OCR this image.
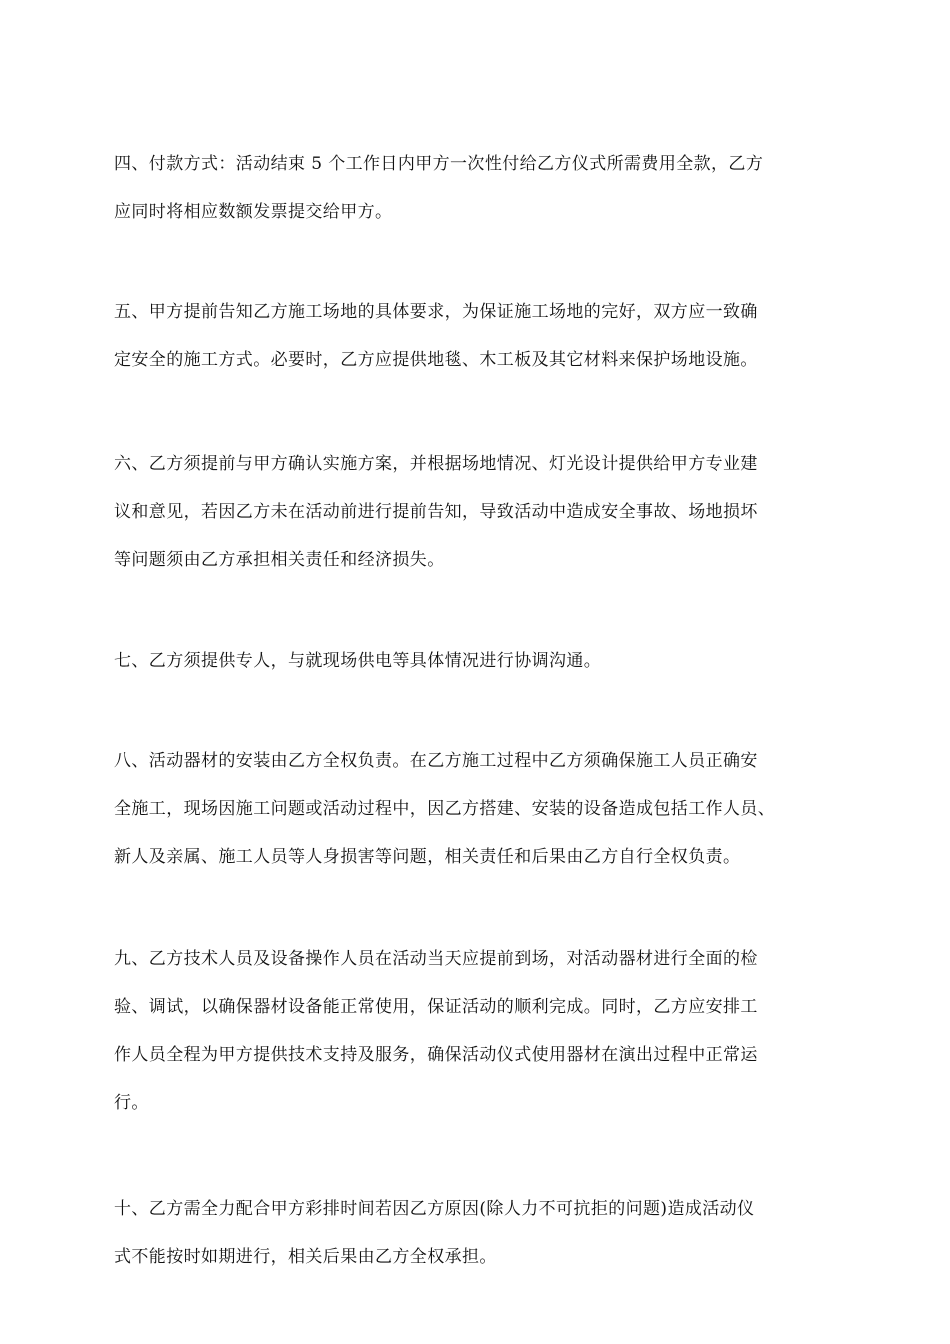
四、付款方式：活动结束 5 个工作日内甲方一次性付给乙方仪式所需费用全款，乙方
应同时将相应数额发票提交给甲方。

五、甲方提前告知乙方施工场地的具体要求，为保证施工场地的完好，双方应一致确
定安全的施工方式。必要时，乙方应提供地毯、木工板及其它材料来保护场地设施。

六、乙方须提前与甲方确认实施方案，并根据场地情况、灯光设计提供给甲方专业建
议和意见，若因乙方未在活动前进行提前告知，导致活动中造成安全事故、场地损坏
等问题须由乙方承担相关责任和经济损失。

七、乙方须提供专人，与就现场供电等具体情况进行协调沟通。

八、活动器材的安装由乙方全权负责。在乙方施工过程中乙方须确保施工人员正确安
全施工，现场因施工问题或活动过程中，因乙方搭建、安装的设备造成包括工作人员、
新人及亲属、施工人员等人身损害等问题，相关责任和后果由乙方自行全权负责。

九、乙方技术人员及设备操作人员在活动当天应提前到场，对活动器材进行全面的检
验、调试，以确保器材设备能正常使用，保证活动的顺利完成。同时，乙方应安排工
作人员全程为甲方提供技术支持及服务，确保活动仪式使用器材在演出过程中正常运
行。

十、乙方需全力配合甲方彩排时间若因乙方原因(除人力不可抗拒的问题)造成活动仪
式不能按时如期进行，相关后果由乙方全权承担。
